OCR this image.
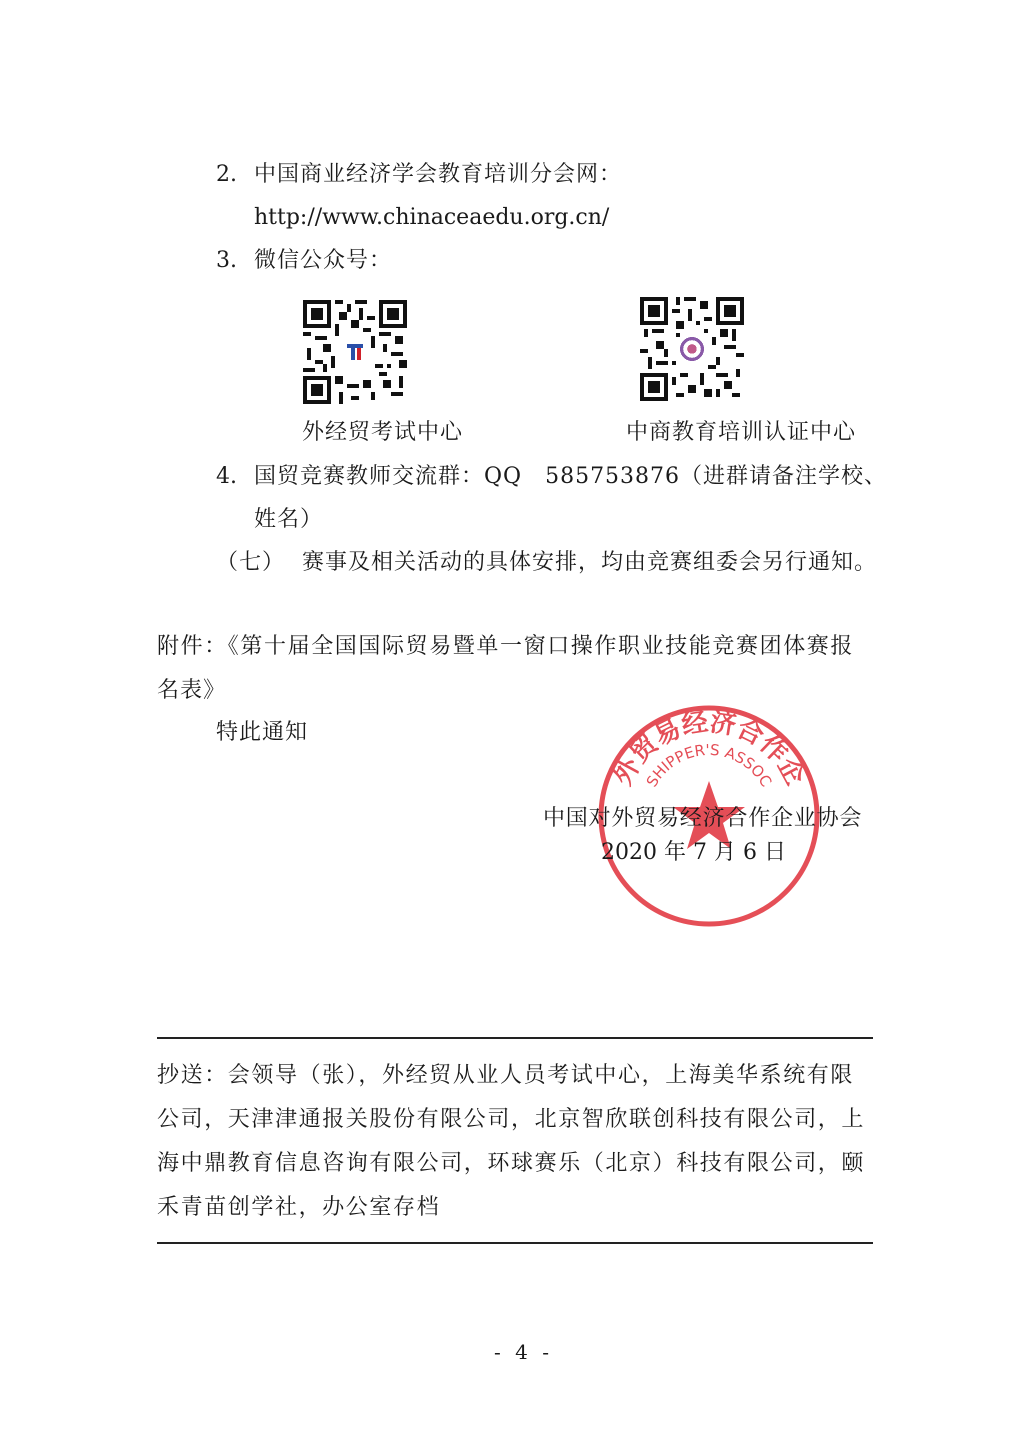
2. 中国商业经济学会教育培训分会网：
http://www.chinaceaedu.org.cn/
3. 微信公众号：
外经贸考试中心	中商教育培训认证中心
4. 国贸竞赛教师交流群：QQ　585753876（进群请备注学校、
姓名）
（七） 赛事及相关活动的具体安排，均由竞赛组委会另行通知。
附件：《第十届全国国际贸易暨单一窗口操作职业技能竞赛团体赛报
名表》
特此通知
外贸易经济合作企
SHIPPER'S ASSOC
中国对外贸易经济合作企业协会
2020 年 7 月 6 日
抄送：会领导（张），外经贸从业人员考试中心，上海美华系统有限
公司，天津津通报关股份有限公司，北京智欣联创科技有限公司，上
海中鼎教育信息咨询有限公司，环球赛乐（北京）科技有限公司，颐
禾青苗创学社，办公室存档
- 4 -
